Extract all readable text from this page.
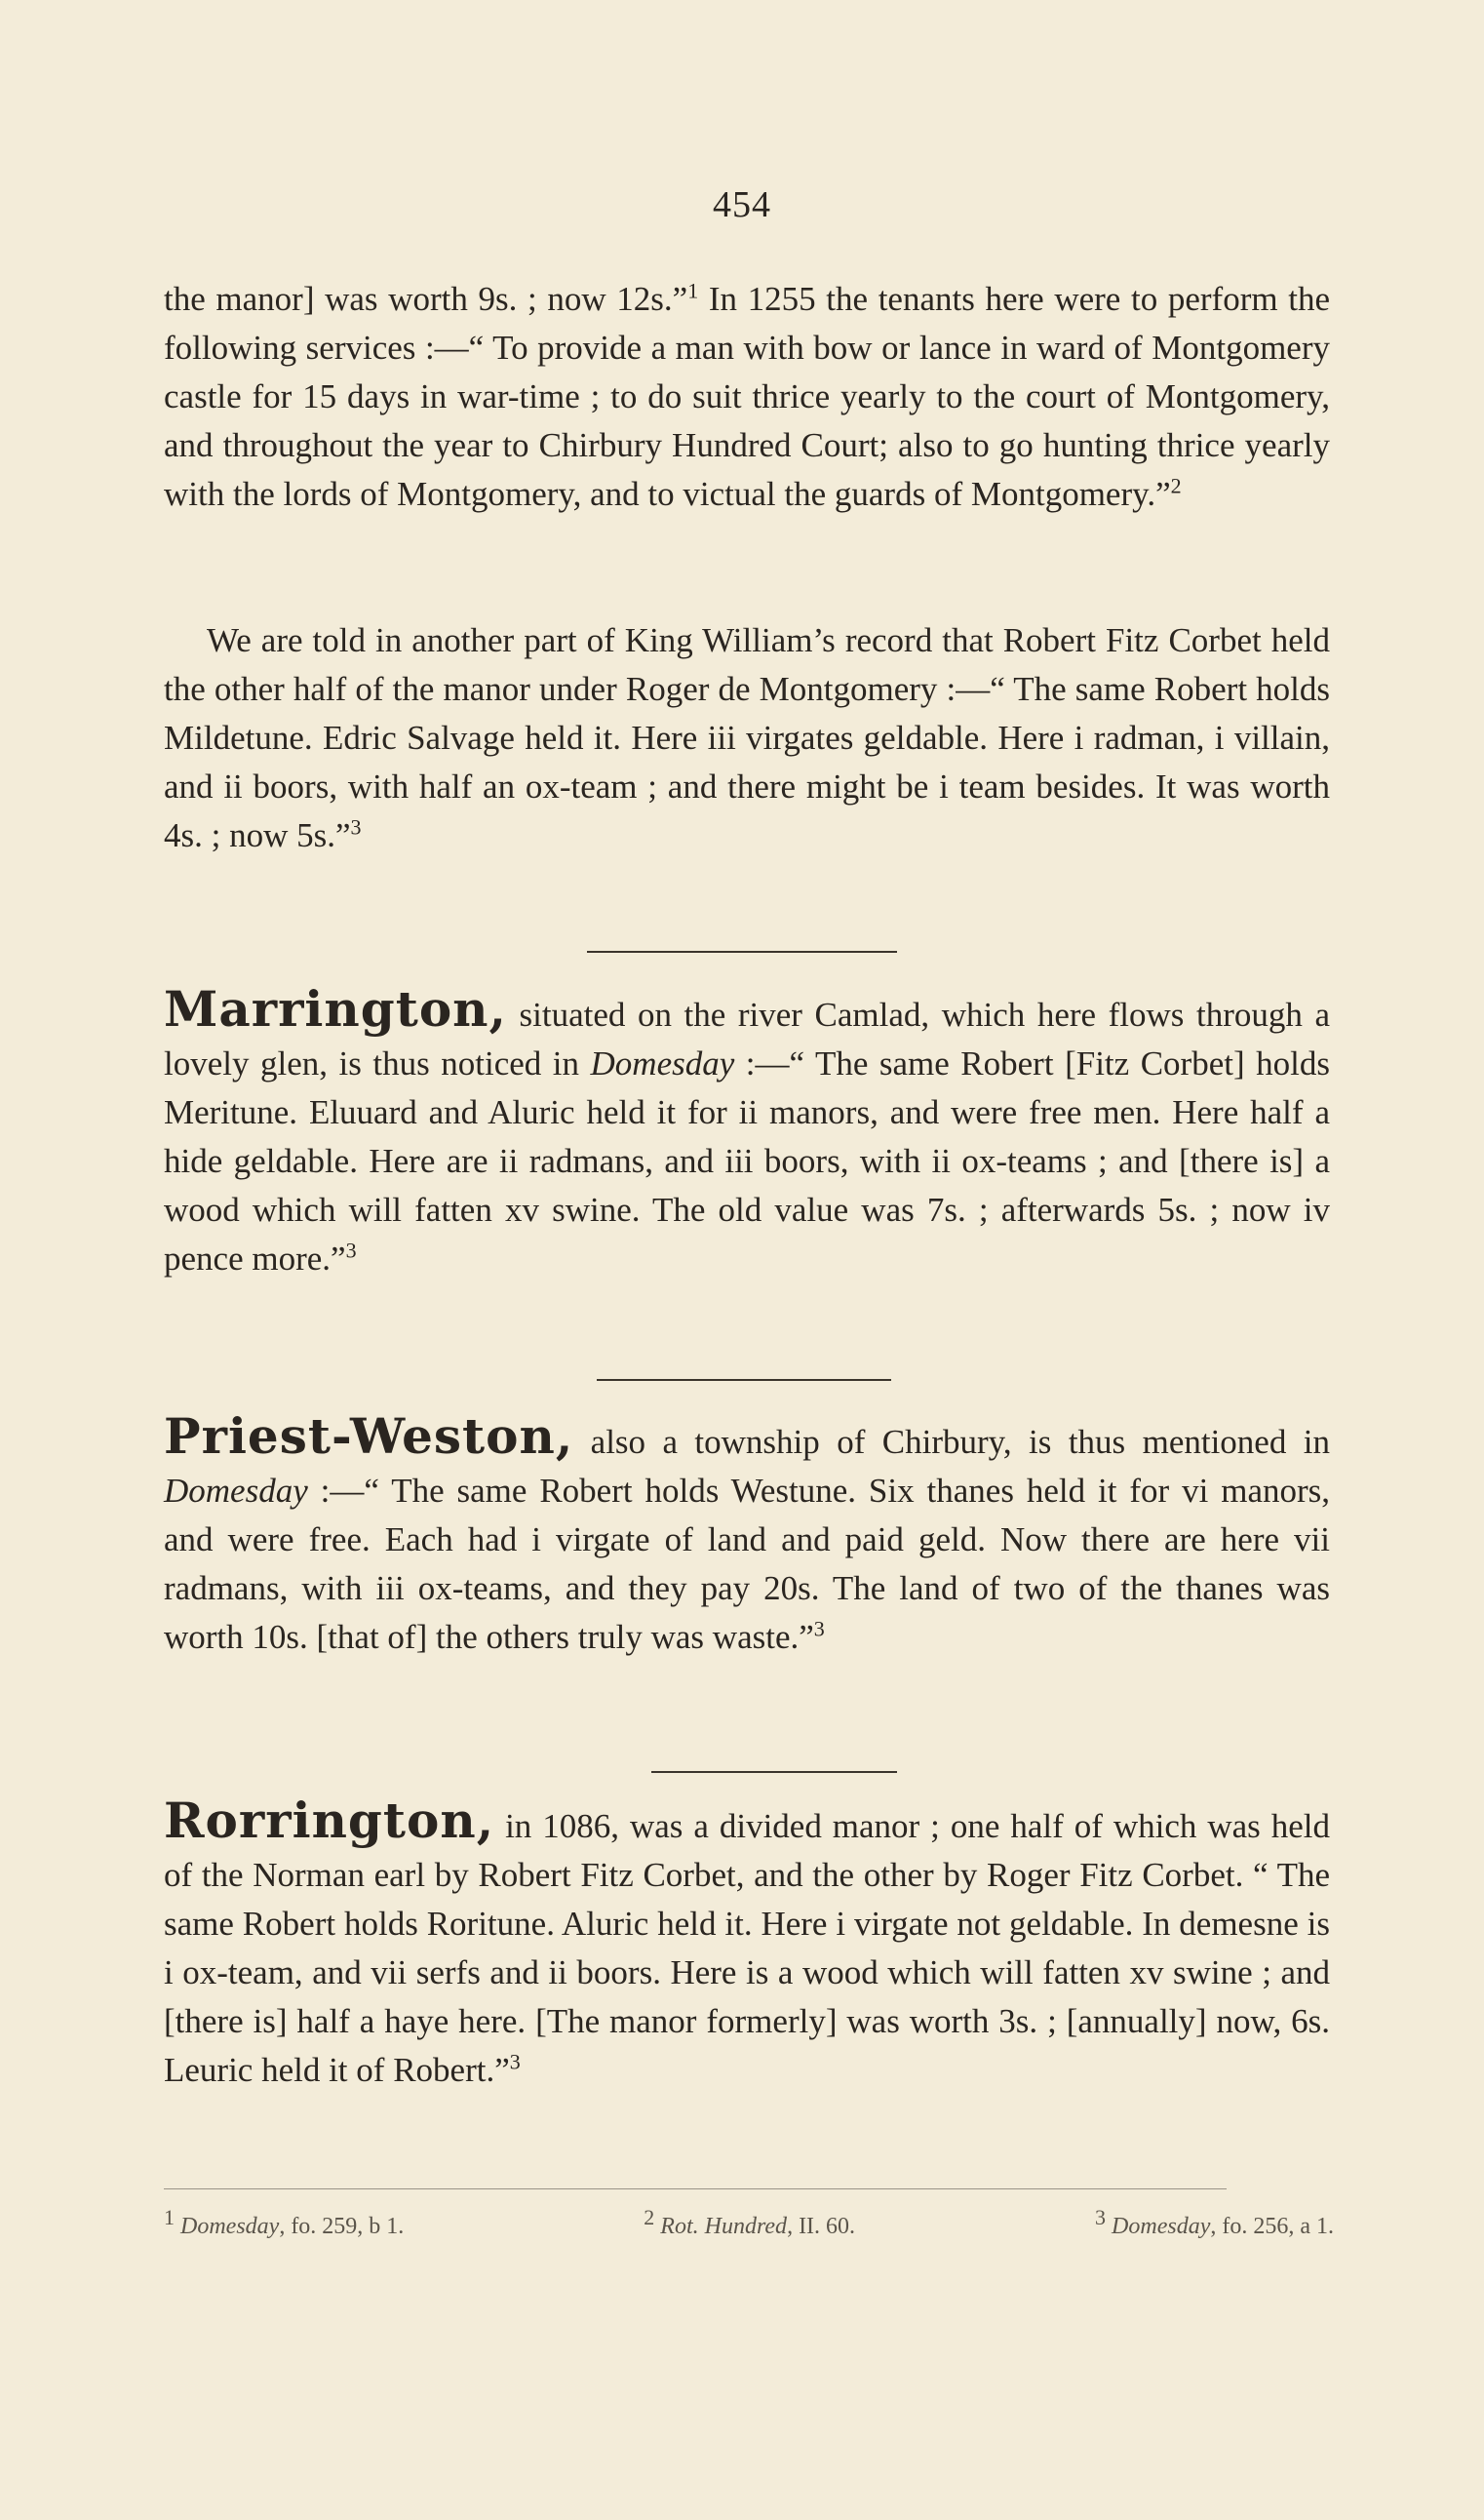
454

the manor] was worth 9s. ; now 12s.”$^1$ In 1255 the tenants here were to perform the following services :—“ To provide a man with bow or lance in ward of Montgomery castle for 15 days in war-time ; to do suit thrice yearly to the court of Montgomery, and throughout the year to Chirbury Hundred Court; also to go hunting thrice yearly with the lords of Montgomery, and to victual the guards of Montgomery.”$^2$

We are told in another part of King William’s record that Robert Fitz Corbet held the other half of the manor under Roger de Montgomery :—“ The same Robert holds Mildetune. Edric Salvage held it. Here iii virgates geldable. Here i radman, i villain, and ii boors, with half an ox-team ; and there might be i team besides. It was worth 4s. ; now 5s.”$^3$

Marrington, situated on the river Camlad, which here flows through a lovely glen, is thus noticed in Domesday :—“ The same Robert [Fitz Corbet] holds Meritune. Eluuard and Aluric held it for ii manors, and were free men. Here half a hide geldable. Here are ii radmans, and iii boors, with ii ox-teams ; and [there is] a wood which will fatten xv swine. The old value was 7s. ; afterwards 5s. ; now iv pence more.”$^3$

Priest-Weston, also a township of Chirbury, is thus mentioned in Domesday :—“ The same Robert holds Westune. Six thanes held it for vi manors, and were free. Each had i virgate of land and paid geld. Now there are here vii radmans, with iii ox-teams, and they pay 20s. The land of two of the thanes was worth 10s. [that of] the others truly was waste.”$^3$

Rorrington, in 1086, was a divided manor ; one half of which was held of the Norman earl by Robert Fitz Corbet, and the other by Roger Fitz Corbet. “ The same Robert holds Roritune. Aluric held it. Here i virgate not geldable. In demesne is i ox-team, and vii serfs and ii boors. Here is a wood which will fatten xv swine ; and [there is] half a haye here. [The manor formerly] was worth 3s. ; [annually] now, 6s. Leuric held it of Robert.”$^3$

$^1$ Domesday, fo. 259, b 1.	$^2$ Rot. Hundred, II. 60.	$^3$ Domesday, fo. 256, a 1.
